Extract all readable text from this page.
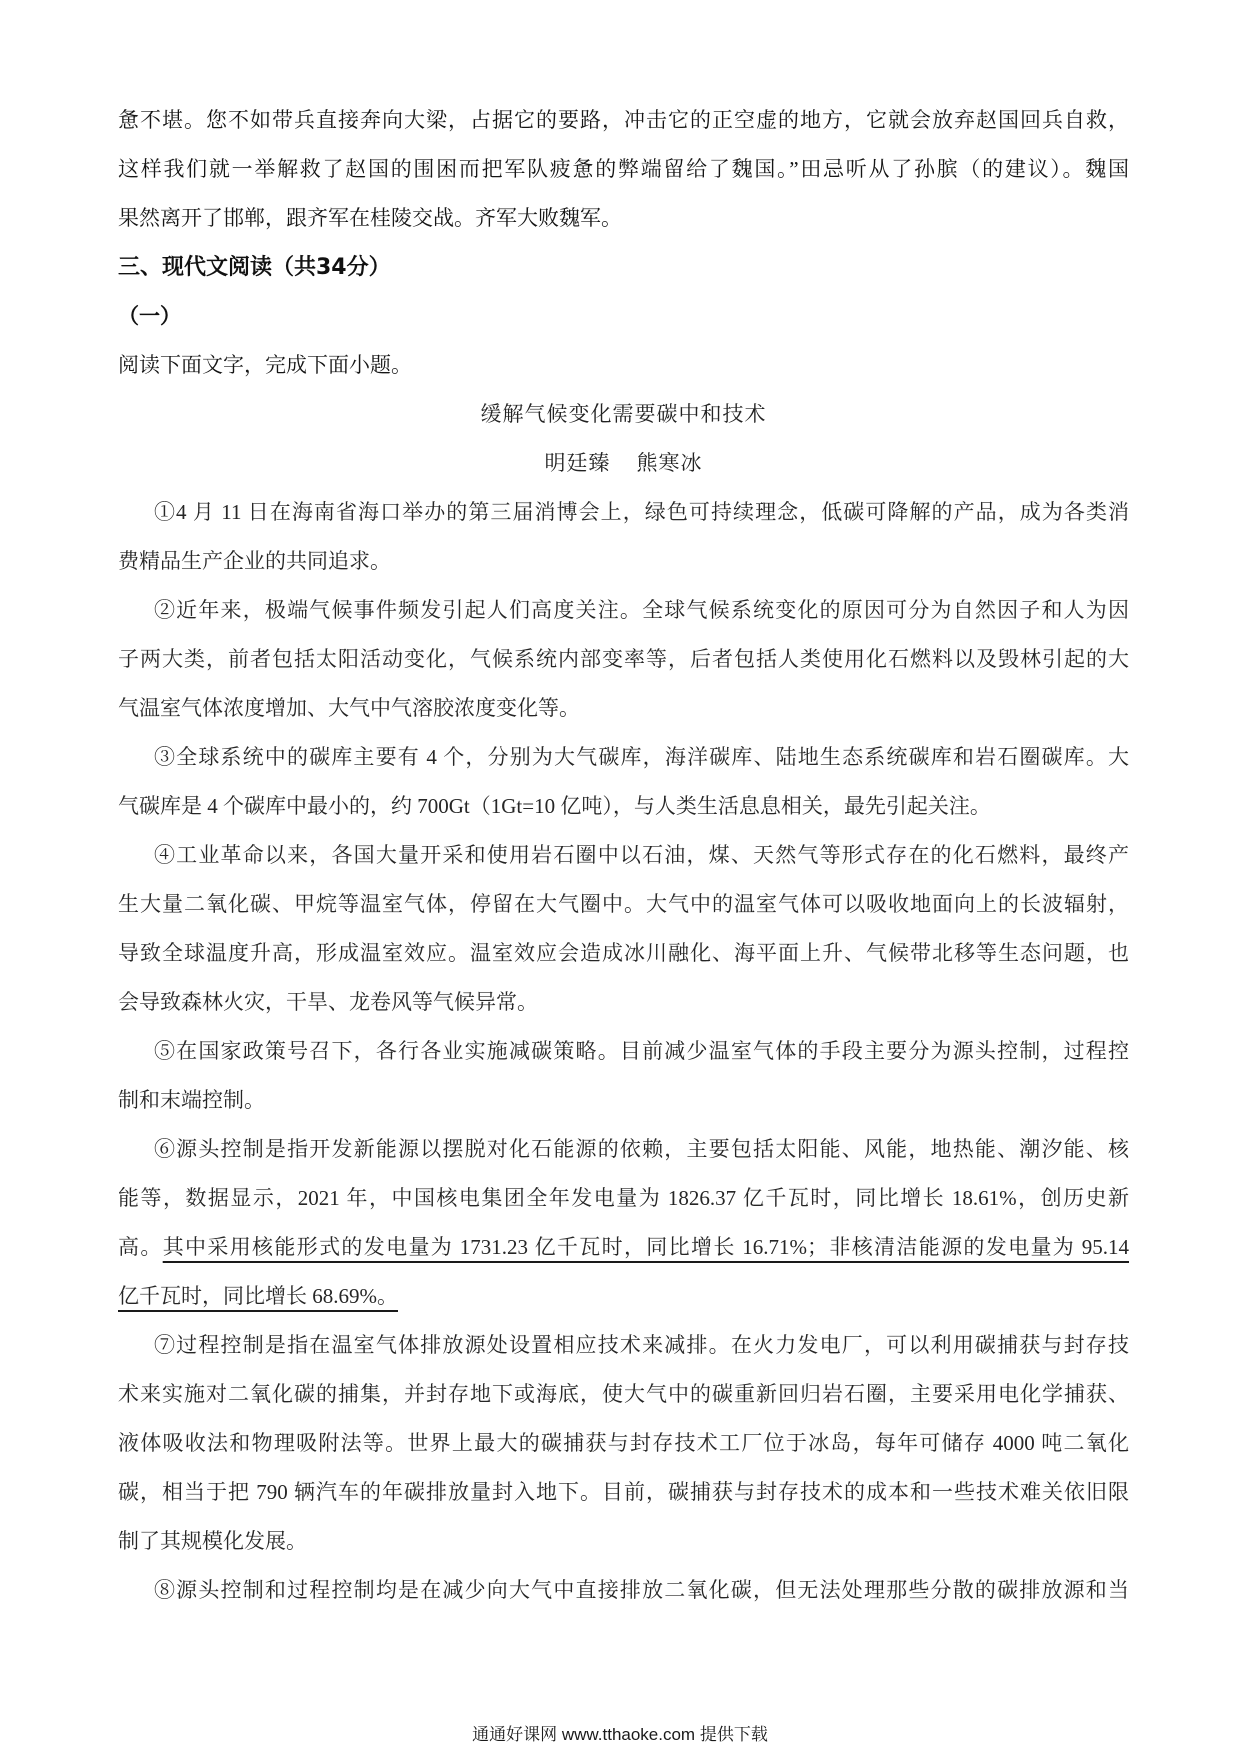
惫不堪。您不如带兵直接奔向大梁，占据它的要路，冲击它的正空虚的地方，它就会放弃赵国回兵自救，
这样我们就一举解救了赵国的围困而把军队疲惫的弊端留给了魏国。”田忌听从了孙膑（的建议）。魏国
果然离开了邯郸，跟齐军在桂陵交战。齐军大败魏军。
三、现代文阅读（共34分）
（一）
阅读下面文字，完成下面小题。
缓解气候变化需要碳中和技术
明廷臻 熊寒冰
①4 月 11 日在海南省海口举办的第三届消博会上，绿色可持续理念，低碳可降解的产品，成为各类消
费精品生产企业的共同追求。
②近年来，极端气候事件频发引起人们高度关注。全球气候系统变化的原因可分为自然因子和人为因
子两大类，前者包括太阳活动变化，气候系统内部变率等，后者包括人类使用化石燃料以及毁林引起的大
气温室气体浓度增加、大气中气溶胶浓度变化等。
③全球系统中的碳库主要有 4 个，分别为大气碳库，海洋碳库、陆地生态系统碳库和岩石圈碳库。大
气碳库是 4 个碳库中最小的，约 700Gt（1Gt=10 亿吨），与人类生活息息相关，最先引起关注。
④工业革命以来，各国大量开采和使用岩石圈中以石油，煤、天然气等形式存在的化石燃料，最终产
生大量二氧化碳、甲烷等温室气体，停留在大气圈中。大气中的温室气体可以吸收地面向上的长波辐射，
导致全球温度升高，形成温室效应。温室效应会造成冰川融化、海平面上升、气候带北移等生态问题，也
会导致森林火灾，干旱、龙卷风等气候异常。
⑤在国家政策号召下，各行各业实施减碳策略。目前减少温室气体的手段主要分为源头控制，过程控
制和末端控制。
⑥源头控制是指开发新能源以摆脱对化石能源的依赖，主要包括太阳能、风能，地热能、潮汐能、核
能等，数据显示，2021 年，中国核电集团全年发电量为 1826.37 亿千瓦时，同比增长 18.61%，创历史新
高。其中采用核能形式的发电量为 1731.23 亿千瓦时，同比增长 16.71%；非核清洁能源的发电量为 95.14
亿千瓦时，同比增长 68.69%。
⑦过程控制是指在温室气体排放源处设置相应技术来减排。在火力发电厂，可以利用碳捕获与封存技
术来实施对二氧化碳的捕集，并封存地下或海底，使大气中的碳重新回归岩石圈，主要采用电化学捕获、
液体吸收法和物理吸附法等。世界上最大的碳捕获与封存技术工厂位于冰岛，每年可储存 4000 吨二氧化
碳，相当于把 790 辆汽车的年碳排放量封入地下。目前，碳捕获与封存技术的成本和一些技术难关依旧限
制了其规模化发展。
⑧源头控制和过程控制均是在减少向大气中直接排放二氧化碳，但无法处理那些分散的碳排放源和当
通通好课网 www.tthaoke.com 提供下载
